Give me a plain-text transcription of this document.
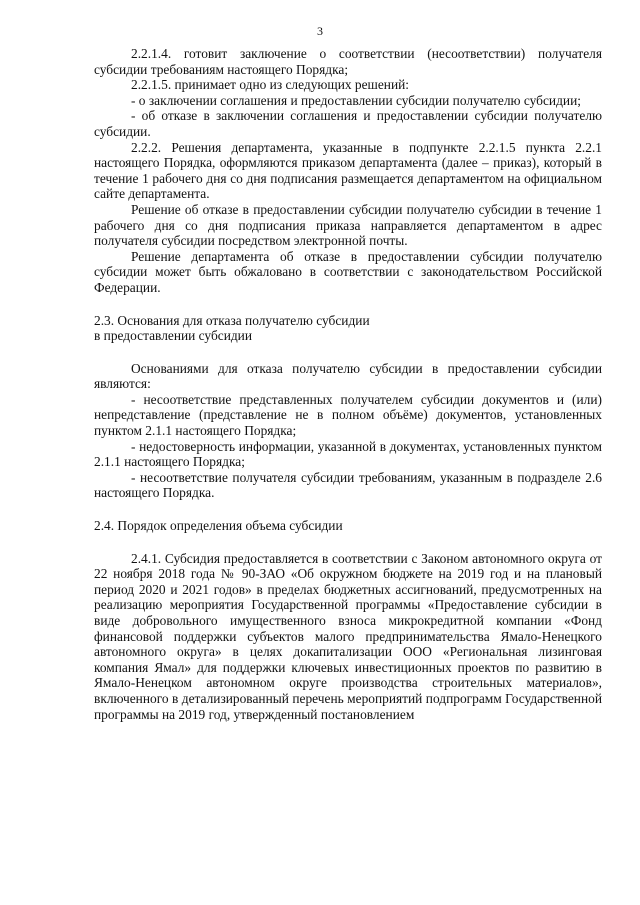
3

2.2.1.4. готовит заключение о соответствии (несоответствии) получателя субсидии требованиям настоящего Порядка;

2.2.1.5. принимает одно из следующих решений:

- о заключении соглашения и предоставлении субсидии получателю субсидии;

- об отказе в заключении соглашения и предоставлении субсидии получателю субсидии.

2.2.2. Решения департамента, указанные в подпункте 2.2.1.5 пункта 2.2.1 настоящего Порядка, оформляются приказом департамента (далее – приказ), который в течение 1 рабочего дня со дня подписания размещается департаментом на официальном сайте департамента.

Решение об отказе в предоставлении субсидии получателю субсидии в течение 1 рабочего дня со дня подписания приказа направляется департаментом в адрес получателя субсидии посредством электронной почты.

Решение департамента об отказе в предоставлении субсидии получателю субсидии может быть обжаловано в соответствии с законодательством Российской Федерации.

2.3. Основания для отказа получателю субсидии

в предоставлении субсидии

Основаниями для отказа получателю субсидии в предоставлении субсидии являются:

- несоответствие представленных получателем субсидии документов и (или) непредставление (представление не в полном объёме) документов, установленных пунктом 2.1.1 настоящего Порядка;

- недостоверность информации, указанной в документах, установленных пунктом 2.1.1 настоящего Порядка;

- несоответствие получателя субсидии требованиям, указанным в подразделе 2.6 настоящего Порядка.

2.4. Порядок определения объема субсидии

2.4.1. Субсидия предоставляется в соответствии с Законом автономного округа от 22 ноября 2018 года № 90-ЗАО «Об окружном бюджете на 2019 год и на плановый период 2020 и 2021 годов» в пределах бюджетных ассигнований, предусмотренных на реализацию мероприятия Государственной программы «Предоставление субсидии в виде добровольного имущественного взноса микрокредитной компании «Фонд финансовой поддержки субъектов малого предпринимательства Ямало-Ненецкого автономного округа» в целях докапитализации ООО «Региональная лизинговая компания Ямал» для поддержки ключевых инвестиционных проектов по развитию в Ямало-Ненецком автономном округе производства строительных материалов», включенного в детализированный перечень мероприятий подпрограмм Государственной программы на 2019 год, утвержденный постановлением
